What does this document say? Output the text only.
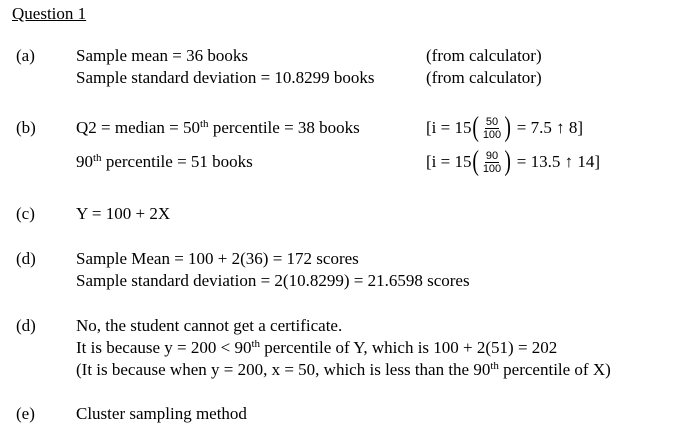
Question 1
(a) Sample mean = 36 books	(from calculator)
Sample standard deviation = 10.8299 books	(from calculator)
(b) Q2 = median = 50th percentile = 38 books	[i = 15 ( $\frac{50}{100}$ ) = 7.5 ↑ 8]
90th percentile = 51 books	[i = 15 ( $\frac{90}{100}$ ) = 13.5 ↑ 14]
(c) Y = 100 + 2X
(d) Sample Mean = 100 + 2(36) = 172 scores
Sample standard deviation = 2(10.8299) = 21.6598 scores
(d) No, the student cannot get a certificate.
It is because y = 200 < 90th percentile of Y, which is 100 + 2(51) = 202
(It is because when y = 200, x = 50, which is less than the 90th percentile of X)
(e) Cluster sampling method
